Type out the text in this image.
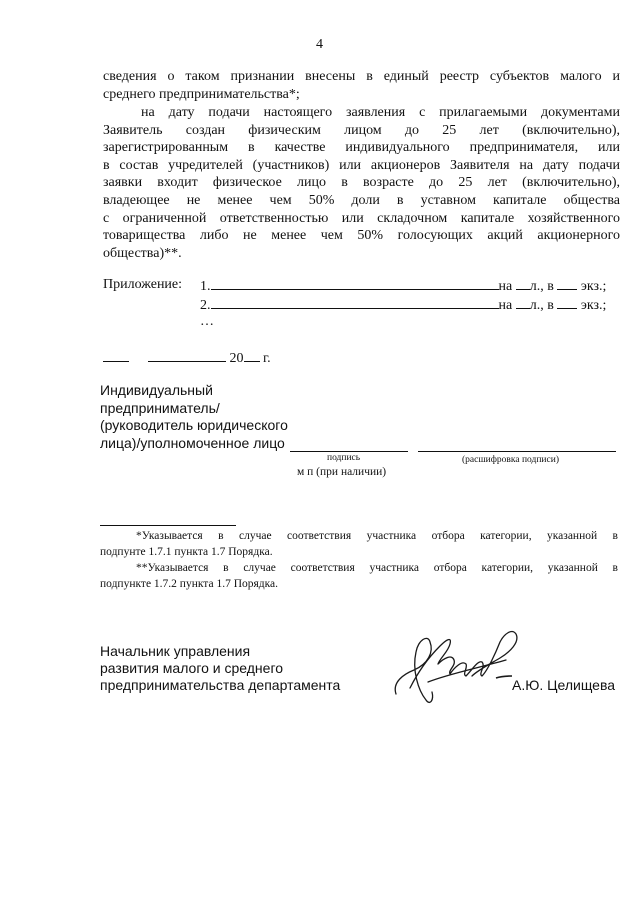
4
сведения о таком признании внесены в единый реестр субъектов малого и
среднего предпринимательства*;
на дату подачи настоящего заявления с прилагаемыми документами
Заявитель создан физическим лицом до 25 лет (включительно),
зарегистрированным в качестве индивидуального предпринимателя, или
в состав учредителей (участников) или акционеров Заявителя на дату подачи
заявки входит физическое лицо в возрасте до 25 лет (включительно),
владеющее не менее чем 50% доли в уставном капитале общества
с ограниченной ответственностью или складочном капитале хозяйственного
товарищества либо не менее чем 50% голосующих акций акционерного
общества)**.
Приложение: 1.	на л., в экз.;
2.	на л., в экз.;
…
20 г.
Индивидуальный
предприниматель/
(руководитель юридического
лица)/уполномоченное лицо
подпись	(расшифровка подписи)
м п (при наличии)
*Указывается в случае соответствия участника отбора категории, указанной в
подпунте 1.7.1 пункта 1.7 Порядка.
**Указывается в случае соответствия участника отбора категории, указанной в
подпункте 1.7.2 пункта 1.7 Порядка.
Начальник управления
развития малого и среднего
предпринимательства департамента	А.Ю. Целищева
